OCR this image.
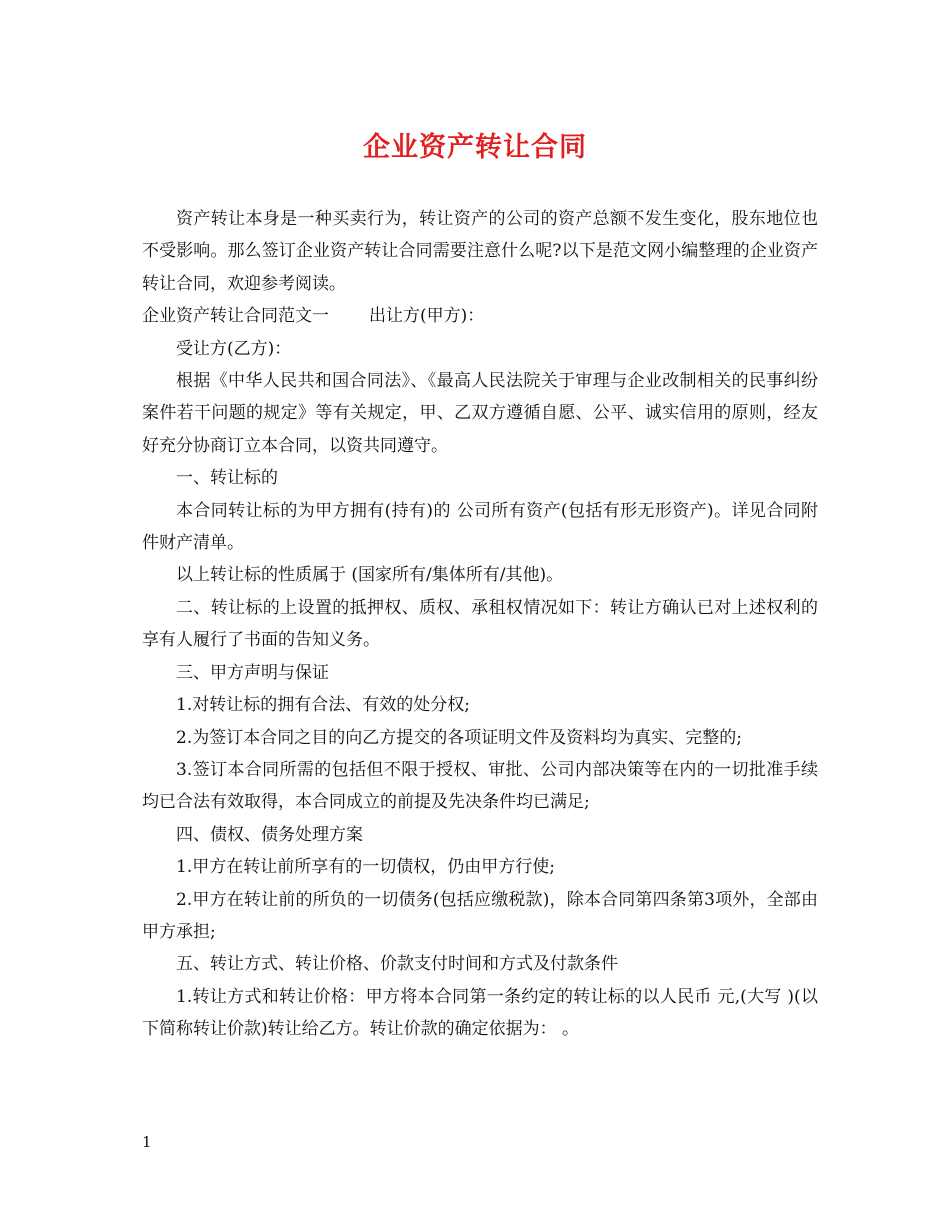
企业资产转让合同

资产转让本身是一种买卖行为，转让资产的公司的资产总额不发生变化，股东地位也不受影响。那么签订企业资产转让合同需要注意什么呢?以下是范文网小编整理的企业资产转让合同，欢迎参考阅读。

企业资产转让合同范文一 出让方(甲方)：

受让方(乙方)：

根据《中华人民共和国合同法》、《最高人民法院关于审理与企业改制相关的民事纠纷案件若干问题的规定》等有关规定，甲、乙双方遵循自愿、公平、诚实信用的原则，经友好充分协商订立本合同，以资共同遵守。

一、转让标的

本合同转让标的为甲方拥有(持有)的 公司所有资产(包括有形无形资产)。详见合同附件财产清单。

以上转让标的性质属于 (国家所有/集体所有/其他)。

二、转让标的上设置的抵押权、质权、承租权情况如下：转让方确认已对上述权利的享有人履行了书面的告知义务。

三、甲方声明与保证

1.对转让标的拥有合法、有效的处分权;

2.为签订本合同之目的向乙方提交的各项证明文件及资料均为真实、完整的;

3.签订本合同所需的包括但不限于授权、审批、公司内部决策等在内的一切批准手续均已合法有效取得，本合同成立的前提及先决条件均已满足;

四、债权、债务处理方案

1.甲方在转让前所享有的一切债权，仍由甲方行使;

2.甲方在转让前的所负的一切债务(包括应缴税款)，除本合同第四条第3项外，全部由甲方承担;

五、转让方式、转让价格、价款支付时间和方式及付款条件

1.转让方式和转让价格：甲方将本合同第一条约定的转让标的以人民币 元,(大写 )(以下简称转让价款)转让给乙方。转让价款的确定依据为： 。

1
